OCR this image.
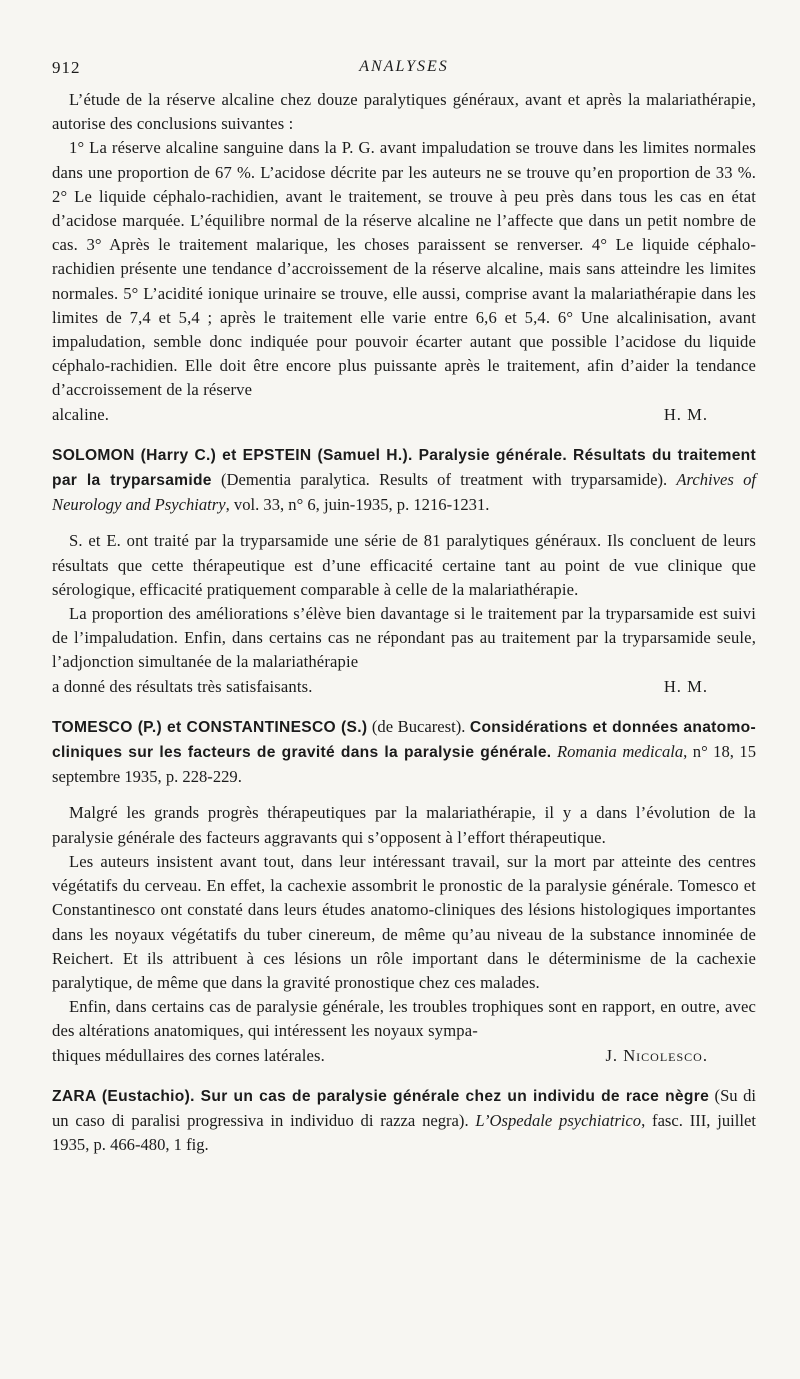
912	ANALYSES

L’étude de la réserve alcaline chez douze paralytiques généraux, avant et après la malariathérapie, autorise des conclusions suivantes :

1° La réserve alcaline sanguine dans la P. G. avant impaludation se trouve dans les limites normales dans une proportion de 67 %. L’acidose décrite par les auteurs ne se trouve qu’en proportion de 33 %. 2° Le liquide céphalo-rachidien, avant le traitement, se trouve à peu près dans tous les cas en état d’acidose marquée. L’équilibre normal de la réserve alcaline ne l’affecte que dans un petit nombre de cas. 3° Après le traitement malarique, les choses paraissent se renverser. 4° Le liquide céphalo-rachidien présente une tendance d’accroissement de la réserve alcaline, mais sans atteindre les limites normales. 5° L’acidité ionique urinaire se trouve, elle aussi, comprise avant la malariathérapie dans les limites de 7,4 et 5,4 ; après le traitement elle varie entre 6,6 et 5,4. 6° Une alcalinisation, avant impaludation, semble donc indiquée pour pouvoir écarter autant que possible l’acidose du liquide céphalo-rachidien. Elle doit être encore plus puissante après le traitement, afin d’aider la tendance d’accroissement de la réserve

alcaline.	H. M.

SOLOMON (Harry C.) et EPSTEIN (Samuel H.). Paralysie générale. Résultats du traitement par la tryparsamide (Dementia paralytica. Results of treatment with tryparsamide). Archives of Neurology and Psychiatry, vol. 33, n° 6, juin-1935, p. 1216-1231.

S. et E. ont traité par la tryparsamide une série de 81 paralytiques généraux. Ils concluent de leurs résultats que cette thérapeutique est d’une efficacité certaine tant au point de vue clinique que sérologique, efficacité pratiquement comparable à celle de la malariathérapie.

La proportion des améliorations s’élève bien davantage si le traitement par la tryparsamide est suivi de l’impaludation. Enfin, dans certains cas ne répondant pas au traitement par la tryparsamide seule, l’adjonction simultanée de la malariathérapie

a donné des résultats très satisfaisants.	H. M.

TOMESCO (P.) et CONSTANTINESCO (S.) (de Bucarest). Considérations et données anatomo-cliniques sur les facteurs de gravité dans la paralysie générale. Romania medicala, n° 18, 15 septembre 1935, p. 228-229.

Malgré les grands progrès thérapeutiques par la malariathérapie, il y a dans l’évolution de la paralysie générale des facteurs aggravants qui s’opposent à l’effort thérapeutique.

Les auteurs insistent avant tout, dans leur intéressant travail, sur la mort par atteinte des centres végétatifs du cerveau. En effet, la cachexie assombrit le pronostic de la paralysie générale. Tomesco et Constantinesco ont constaté dans leurs études anatomo-cliniques des lésions histologiques importantes dans les noyaux végétatifs du tuber cinereum, de même qu’au niveau de la substance innominée de Reichert. Et ils attribuent à ces lésions un rôle important dans le déterminisme de la cachexie paralytique, de même que dans la gravité pronostique chez ces malades.

Enfin, dans certains cas de paralysie générale, les troubles trophiques sont en rapport, en outre, avec des altérations anatomiques, qui intéressent les noyaux sympa-

thiques médullaires des cornes latérales.	J. Nicolesco.

ZARA (Eustachio). Sur un cas de paralysie générale chez un individu de race nègre (Su di un caso di paralisi progressiva in individuo di razza negra). L’Ospedale psychiatrico, fasc. III, juillet 1935, p. 466-480, 1 fig.
